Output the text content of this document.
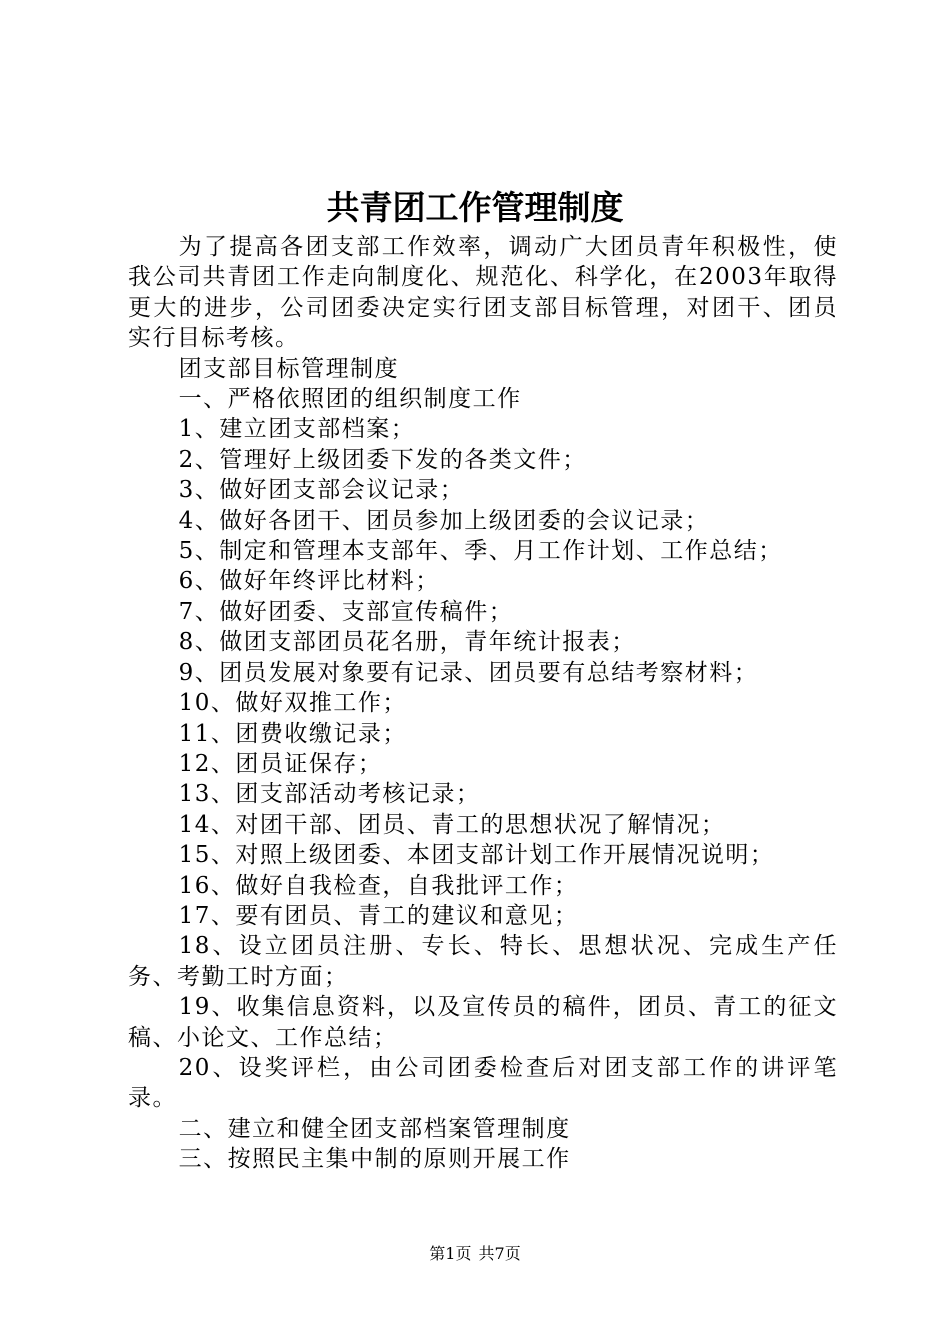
共青团工作管理制度

为了提高各团支部工作效率，调动广大团员青年积极性，使我公司共青团工作走向制度化、规范化、科学化，在2003年取得更大的进步，公司团委决定实行团支部目标管理，对团干、团员实行目标考核。

团支部目标管理制度

一、严格依照团的组织制度工作

1、建立团支部档案；

2、管理好上级团委下发的各类文件；

3、做好团支部会议记录；

4、做好各团干、团员参加上级团委的会议记录；

5、制定和管理本支部年、季、月工作计划、工作总结；

6、做好年终评比材料；

7、做好团委、支部宣传稿件；

8、做团支部团员花名册，青年统计报表；

9、团员发展对象要有记录、团员要有总结考察材料；

10、做好双推工作；

11、团费收缴记录；

12、团员证保存；

13、团支部活动考核记录；

14、对团干部、团员、青工的思想状况了解情况；

15、对照上级团委、本团支部计划工作开展情况说明；

16、做好自我检查，自我批评工作；

17、要有团员、青工的建议和意见；

18、设立团员注册、专长、特长、思想状况、完成生产任务、考勤工时方面；

19、收集信息资料，以及宣传员的稿件，团员、青工的征文稿、小论文、工作总结；

20、设奖评栏，由公司团委检查后对团支部工作的讲评笔录。

二、建立和健全团支部档案管理制度

三、按照民主集中制的原则开展工作

第1页 共7页
